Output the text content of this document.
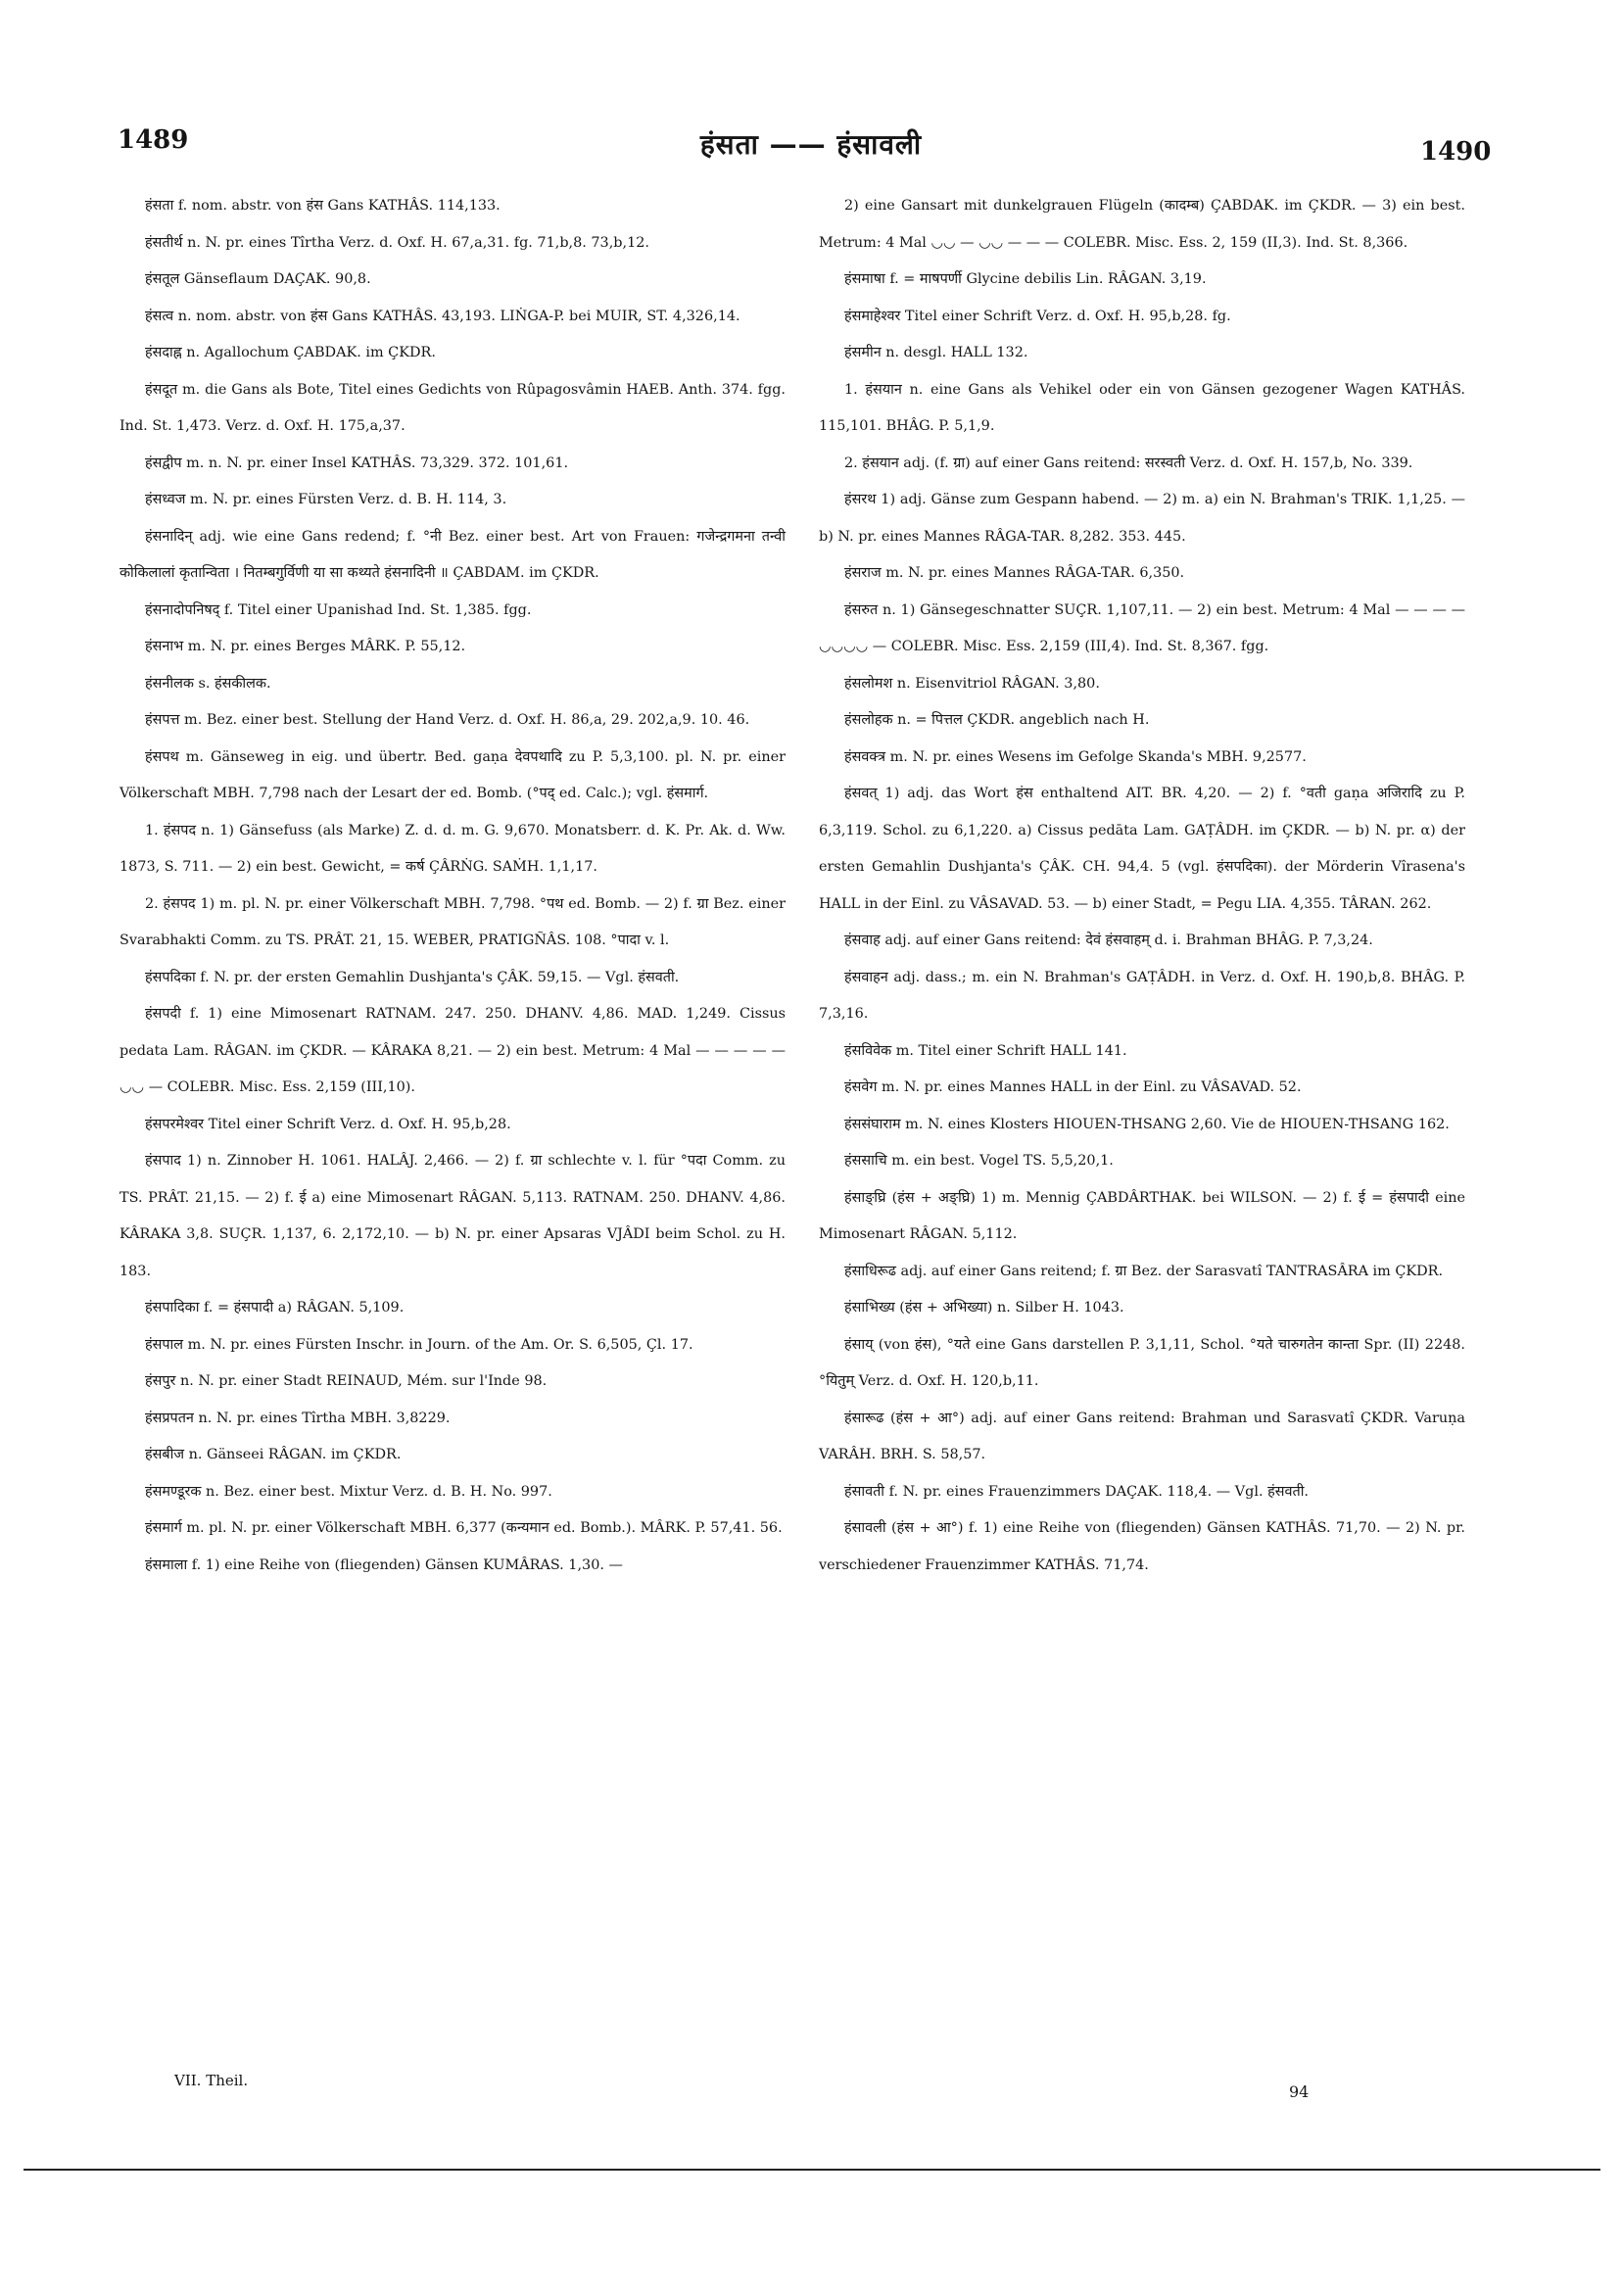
1489	हंसता —— हंसावली	1490

हंसता f. nom. abstr. von हंस Gans KATHÂS. 114,133.

हंसतीर्थ n. N. pr. eines Tîrtha Verz. d. Oxf. H. 67,a,31. fg. 71,b,8. 73,b,12.

हंसतूल Gänseflaum DAÇAK. 90,8.

हंसत्व n. nom. abstr. von हंस Gans KATHÂS. 43,193. LIṄGA-P. bei MUIR, ST. 4,326,14.

हंसदाह्न n. Agallochum ÇABDAK. im ÇKDR.

हंसदूत m. die Gans als Bote, Titel eines Gedichts von Rûpagosvâmin HAEB. Anth. 374. fgg. Ind. St. 1,473. Verz. d. Oxf. H. 175,a,37.

हंसद्वीप m. n. N. pr. einer Insel KATHÂS. 73,329. 372. 101,61.

हंसध्वज m. N. pr. eines Fürsten Verz. d. B. H. 114, 3.

हंसनादिन् adj. wie eine Gans redend; f. °नी Bez. einer best. Art von Frauen: गजेन्द्रगमना तन्वी कोकिलालां कृतान्विता । नितम्बगुर्विणी या सा कथ्यते हंसनादिनी ॥ ÇABDAM. im ÇKDR.

हंसनादोपनिषद् f. Titel einer Upanishad Ind. St. 1,385. fgg.

हंसनाभ m. N. pr. eines Berges MÂRK. P. 55,12.

हंसनीलक s. हंसकीलक.

हंसपत्त m. Bez. einer best. Stellung der Hand Verz. d. Oxf. H. 86,a, 29. 202,a,9. 10. 46.

हंसपथ m. Gänseweg in eig. und übertr. Bed. gaṇa देवपथादि zu P. 5,3,100. pl. N. pr. einer Völkerschaft MBH. 7,798 nach der Lesart der ed. Bomb. (°पद् ed. Calc.); vgl. हंसमार्ग.

1. हंसपद n. 1) Gänsefuss (als Marke) Z. d. d. m. G. 9,670. Monatsberr. d. K. Pr. Ak. d. Ww. 1873, S. 711. — 2) ein best. Gewicht, = कर्ष ÇÂRṄG. SAṀH. 1,1,17.

2. हंसपद 1) m. pl. N. pr. einer Völkerschaft MBH. 7,798. °पथ ed. Bomb. — 2) f. ग्रा Bez. einer Svarabhakti Comm. zu TS. PRÂT. 21, 15. WEBER, PRATIGÑÂS. 108. °पादा v. l.

हंसपदिका f. N. pr. der ersten Gemahlin Dushjanta's ÇÂK. 59,15. — Vgl. हंसवती.

हंसपदी f. 1) eine Mimosenart RATNAM. 247. 250. DHANV. 4,86. MAD. 1,249. Cissus pedata Lam. RÂGAN. im ÇKDR. — KÂRAKA 8,21. — 2) ein best. Metrum: 4 Mal — — — — — ◡◡ — COLEBR. Misc. Ess. 2,159 (III,10).

हंसपरमेश्वर Titel einer Schrift Verz. d. Oxf. H. 95,b,28.

हंसपाद 1) n. Zinnober H. 1061. HALÂJ. 2,466. — 2) f. ग्रा schlechte v. l. für °पदा Comm. zu TS. PRÂT. 21,15. — 2) f. ई a) eine Mimosenart RÂGAN. 5,113. RATNAM. 250. DHANV. 4,86. KÂRAKA 3,8. SUÇR. 1,137, 6. 2,172,10. — b) N. pr. einer Apsaras VJÂDI beim Schol. zu H. 183.

हंसपादिका f. = हंसपादी a) RÂGAN. 5,109.

हंसपाल m. N. pr. eines Fürsten Inschr. in Journ. of the Am. Or. S. 6,505, Çl. 17.

हंसपुर n. N. pr. einer Stadt REINAUD, Mém. sur l'Inde 98.

हंसप्रपतन n. N. pr. eines Tîrtha MBH. 3,8229.

हंसबीज n. Gänseei RÂGAN. im ÇKDR.

हंसमण्डूरक n. Bez. einer best. Mixtur Verz. d. B. H. No. 997.

हंसमार्ग m. pl. N. pr. einer Völkerschaft MBH. 6,377 (कन्यमान ed. Bomb.). MÂRK. P. 57,41. 56.

हंसमाला f. 1) eine Reihe von (fliegenden) Gänsen KUMÂRAS. 1,30. —

2) eine Gansart mit dunkelgrauen Flügeln (कादम्ब) ÇABDAK. im ÇKDR. — 3) ein best. Metrum: 4 Mal ◡◡ — ◡◡ — — — COLEBR. Misc. Ess. 2, 159 (II,3). Ind. St. 8,366.

हंसमाषा f. = माषपर्णी Glycine debilis Lin. RÂGAN. 3,19.

हंसमाहेश्वर Titel einer Schrift Verz. d. Oxf. H. 95,b,28. fg.

हंसमीन n. desgl. HALL 132.

1. हंसयान n. eine Gans als Vehikel oder ein von Gänsen gezogener Wagen KATHÂS. 115,101. BHÂG. P. 5,1,9.

2. हंसयान adj. (f. ग्रा) auf einer Gans reitend: सरस्वती Verz. d. Oxf. H. 157,b, No. 339.

हंसरथ 1) adj. Gänse zum Gespann habend. — 2) m. a) ein N. Brahman's TRIK. 1,1,25. — b) N. pr. eines Mannes RÂGA-TAR. 8,282. 353. 445.

हंसराज m. N. pr. eines Mannes RÂGA-TAR. 6,350.

हंसरुत n. 1) Gänsegeschnatter SUÇR. 1,107,11. — 2) ein best. Metrum: 4 Mal — — — — ◡◡◡◡ — COLEBR. Misc. Ess. 2,159 (III,4). Ind. St. 8,367. fgg.

हंसलोमश n. Eisenvitriol RÂGAN. 3,80.

हंसलोहक n. = पित्तल ÇKDR. angeblich nach H.

हंसवक्त्र m. N. pr. eines Wesens im Gefolge Skanda's MBH. 9,2577.

हंसवत् 1) adj. das Wort हंस enthaltend AIT. BR. 4,20. — 2) f. °वती gaṇa अजिरादि zu P. 6,3,119. Schol. zu 6,1,220. a) Cissus pedāta Lam. GAṬÂDH. im ÇKDR. — b) N. pr. α) der ersten Gemahlin Dushjanta's ÇÂK. CH. 94,4. 5 (vgl. हंसपदिका). der Mörderin Vîrasena's HALL in der Einl. zu VÂSAVAD. 53. — b) einer Stadt, = Pegu LIA. 4,355. TÂRAN. 262.

हंसवाह adj. auf einer Gans reitend: देवं हंसवाहम् d. i. Brahman BHÂG. P. 7,3,24.

हंसवाहन adj. dass.; m. ein N. Brahman's GAṬÂDH. in Verz. d. Oxf. H. 190,b,8. BHÂG. P. 7,3,16.

हंसविवेक m. Titel einer Schrift HALL 141.

हंसवेग m. N. pr. eines Mannes HALL in der Einl. zu VÂSAVAD. 52.

हंससंघाराम m. N. eines Klosters HIOUEN-THSANG 2,60. Vie de HIOUEN-THSANG 162.

हंससाचि m. ein best. Vogel TS. 5,5,20,1.

हंसाङ्घ्रि (हंस + अङ्घ्रि) 1) m. Mennig ÇABDÂRTHAK. bei WILSON. — 2) f. ई = हंसपादी eine Mimosenart RÂGAN. 5,112.

हंसाधिरूढ adj. auf einer Gans reitend; f. ग्रा Bez. der Sarasvatî TANTRASÂRA im ÇKDR.

हंसाभिख्य (हंस + अभिख्या) n. Silber H. 1043.

हंसाय् (von हंस), °यते eine Gans darstellen P. 3,1,11, Schol. °यते चारुगतेन कान्ता Spr. (II) 2248. °यितुम् Verz. d. Oxf. H. 120,b,11.

हंसारूढ (हंस + आ°) adj. auf einer Gans reitend: Brahman und Sarasvatî ÇKDR. Varuṇa VARÂH. BRH. S. 58,57.

हंसावती f. N. pr. eines Frauenzimmers DAÇAK. 118,4. — Vgl. हंसवती.

हंसावली (हंस + आ°) f. 1) eine Reihe von (fliegenden) Gänsen KATHÂS. 71,70. — 2) N. pr. verschiedener Frauenzimmer KATHÂS. 71,74.

VII. Theil.
94
